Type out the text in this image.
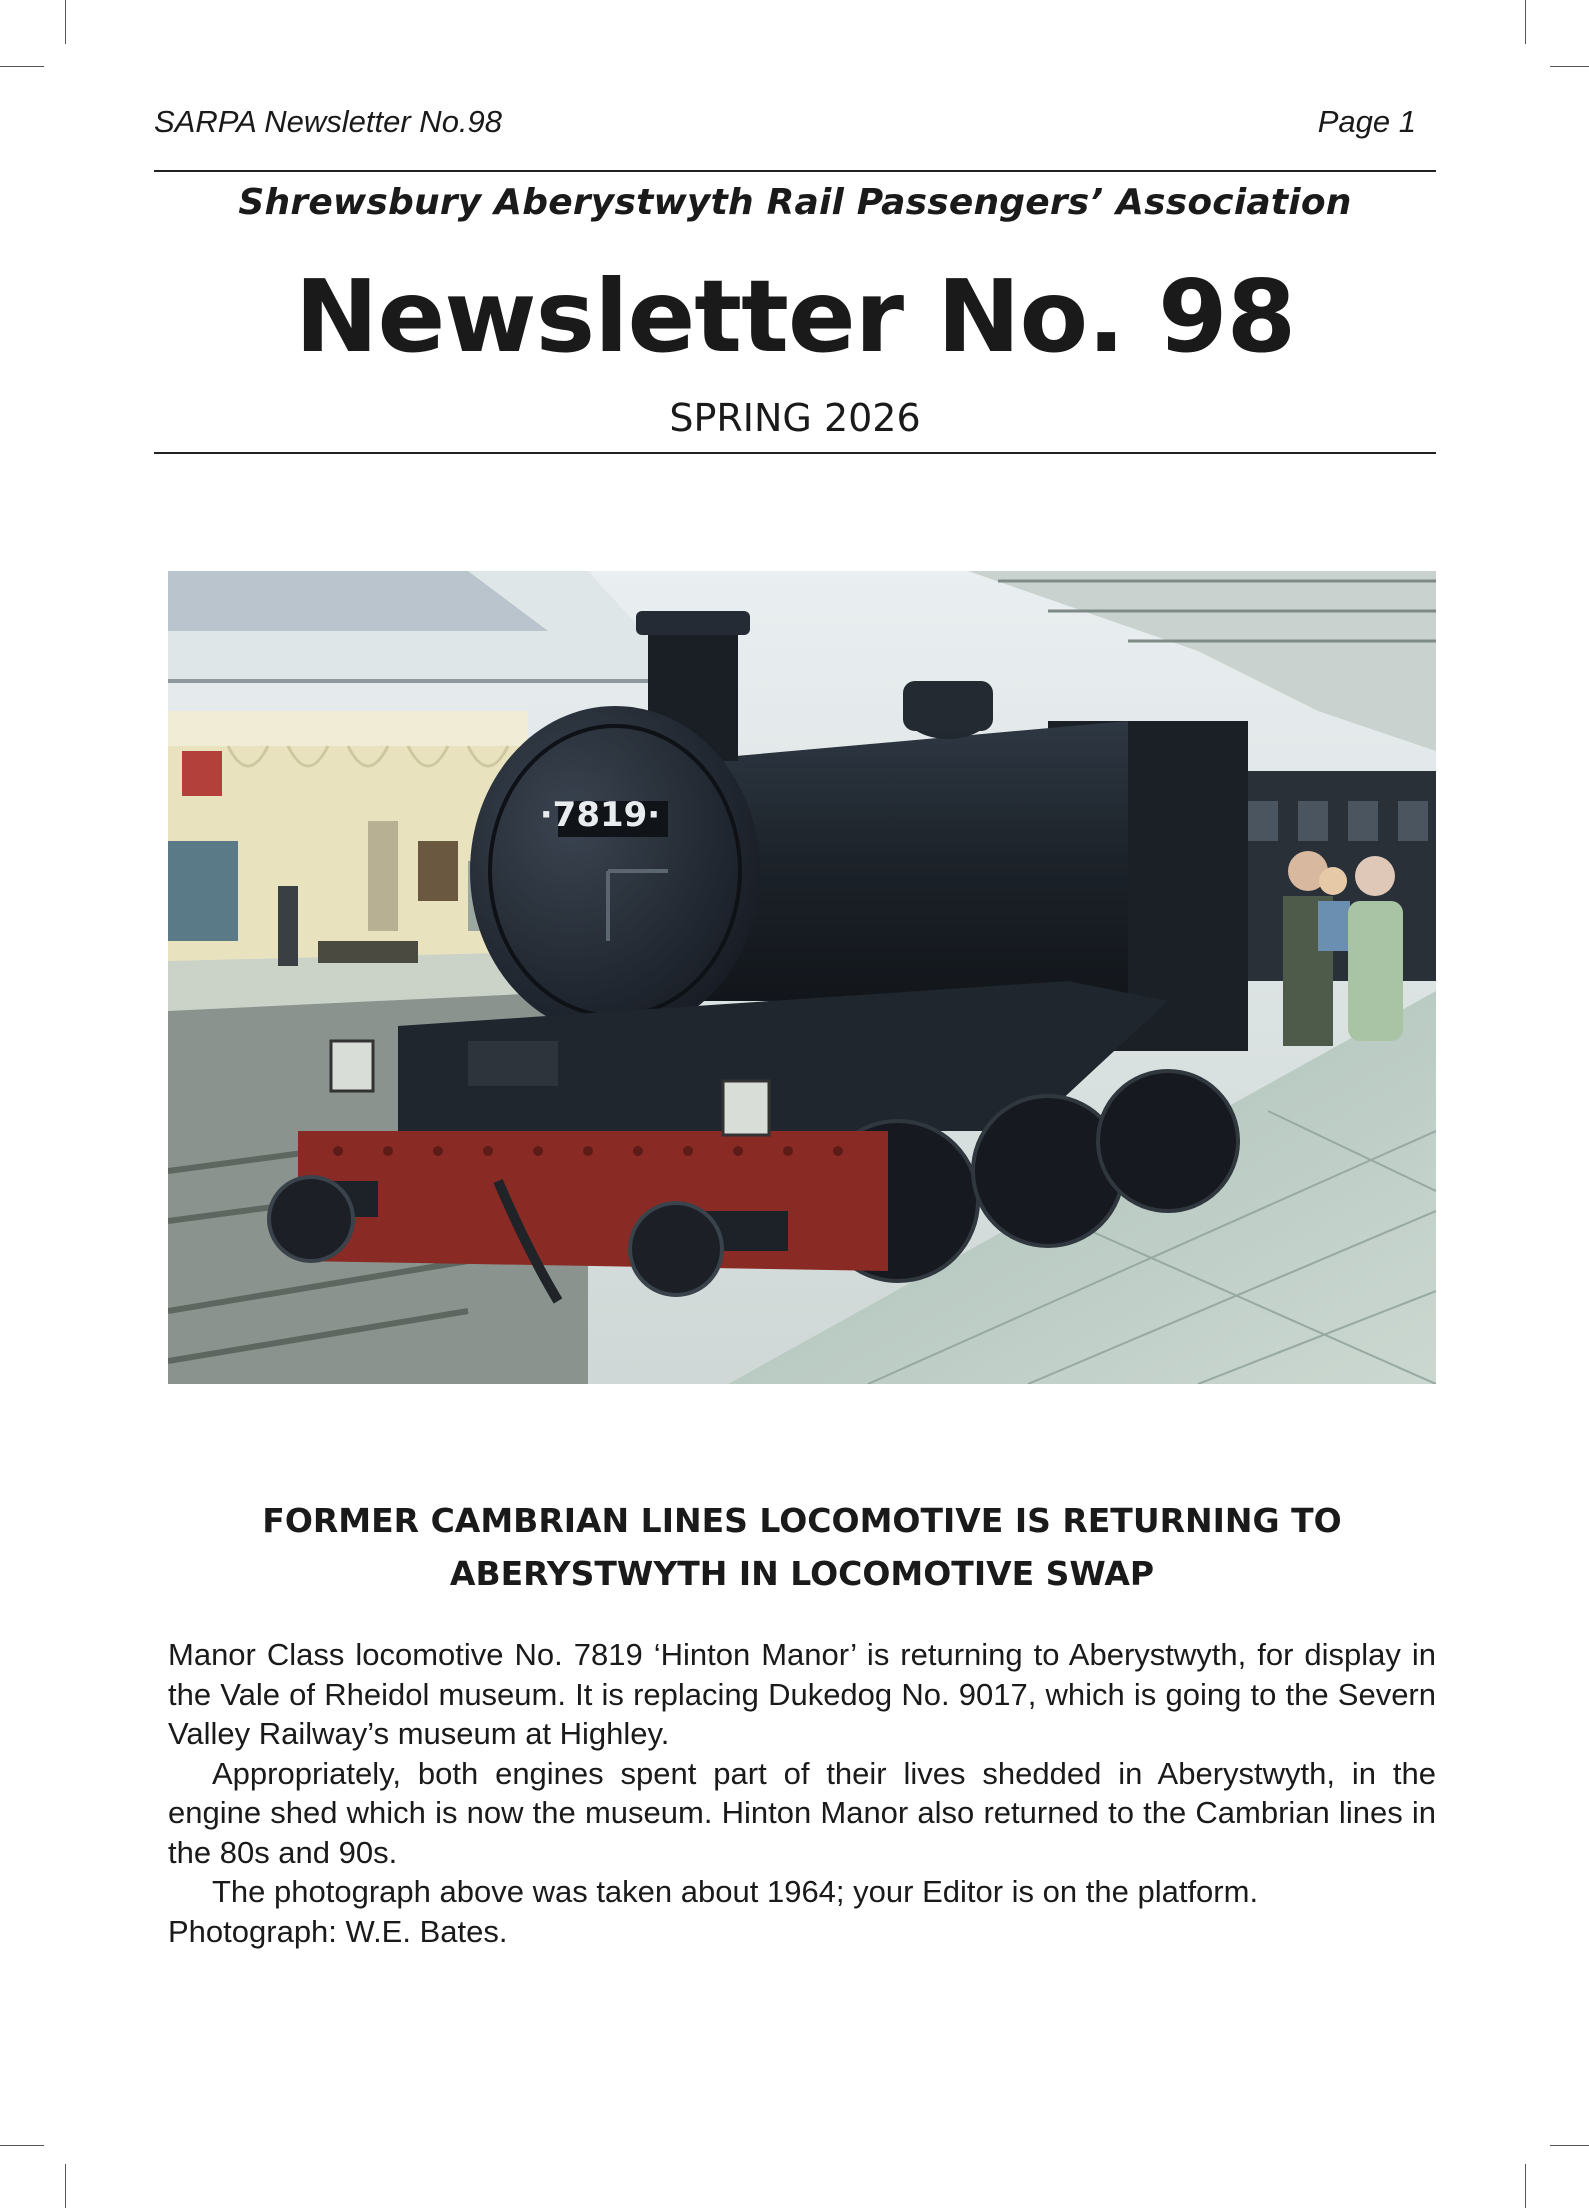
SARPA Newsletter No.98	Page 1
Shrewsbury Aberystwyth Rail Passengers’ Association
Newsletter No. 98
SPRING 2026
·7819·
FORMER CAMBRIAN LINES LOCOMOTIVE IS RETURNING TO
ABERYSTWYTH IN LOCOMOTIVE SWAP

Manor Class locomotive No. 7819 ‘Hinton Manor’ is returning to Aberystwyth, for display in the Vale of Rheidol museum. It is replacing Dukedog No. 9017, which is going to the Severn Valley Railway’s museum at Highley.

Appropriately, both engines spent part of their lives shedded in Aberystwyth, in the engine shed which is now the museum. Hinton Manor also returned to the Cambrian lines in the 80s and 90s.

The photograph above was taken about 1964; your Editor is on the platform.

Photograph: W.E. Bates.
